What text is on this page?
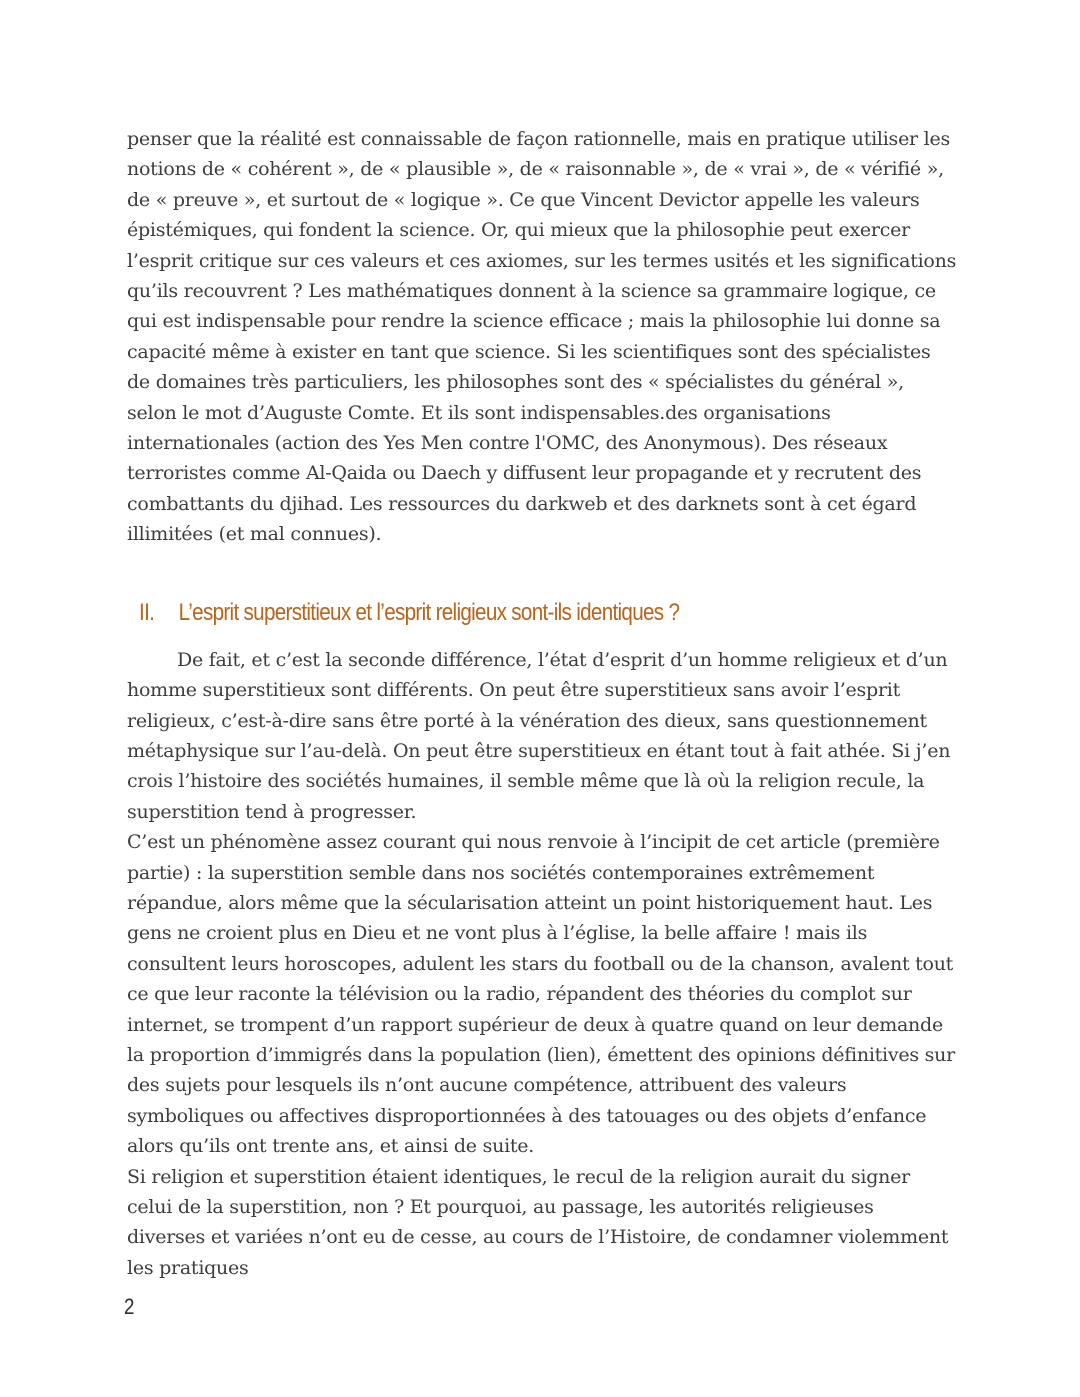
penser que la réalité est connaissable de façon rationnelle, mais en pratique utiliser les notions de « cohérent », de « plausible », de « raisonnable », de « vrai », de « vérifié », de « preuve », et surtout de « logique ». Ce que Vincent Devictor appelle les valeurs épistémiques, qui fondent la science. Or, qui mieux que la philosophie peut exercer l’esprit critique sur ces valeurs et ces axiomes, sur les termes usités et les significations qu’ils recouvrent ? Les mathématiques donnent à la science sa grammaire logique, ce qui est indispensable pour rendre la science efficace ; mais la philosophie lui donne sa capacité même à exister en tant que science. Si les scientifiques sont des spécialistes de domaines très particuliers, les philosophes sont des « spécialistes du général », selon le mot d’Auguste Comte. Et ils sont indispensables.des organisations internationales (action des Yes Men contre l'OMC, des Anonymous). Des réseaux terroristes comme Al-Qaida ou Daech y diffusent leur propagande et y recrutent des combattants du djihad. Les ressources du darkweb et des darknets sont à cet égard illimitées (et mal connues).

II. L’esprit superstitieux et l’esprit religieux sont-ils identiques ?

De fait, et c’est la seconde différence, l’état d’esprit d’un homme religieux et d’un homme superstitieux sont différents. On peut être superstitieux sans avoir l’esprit religieux, c’est-à-dire sans être porté à la vénération des dieux, sans questionnement métaphysique sur l’au-delà. On peut être superstitieux en étant tout à fait athée. Si j’en crois l’histoire des sociétés humaines, il semble même que là où la religion recule, la superstition tend à progresser.

C’est un phénomène assez courant qui nous renvoie à l’incipit de cet article (première partie) : la superstition semble dans nos sociétés contemporaines extrêmement répandue, alors même que la sécularisation atteint un point historiquement haut. Les gens ne croient plus en Dieu et ne vont plus à l’église, la belle affaire ! mais ils consultent leurs horoscopes, adulent les stars du football ou de la chanson, avalent tout ce que leur raconte la télévision ou la radio, répandent des théories du complot sur internet, se trompent d’un rapport supérieur de deux à quatre quand on leur demande la proportion d’immigrés dans la population (lien), émettent des opinions définitives sur des sujets pour lesquels ils n’ont aucune compétence, attribuent des valeurs symboliques ou affectives disproportionnées à des tatouages ou des objets d’enfance alors qu’ils ont trente ans, et ainsi de suite.

Si religion et superstition étaient identiques, le recul de la religion aurait du signer celui de la superstition, non ? Et pourquoi, au passage, les autorités religieuses diverses et variées n’ont eu de cesse, au cours de l’Histoire, de condamner violemment les pratiques

2
